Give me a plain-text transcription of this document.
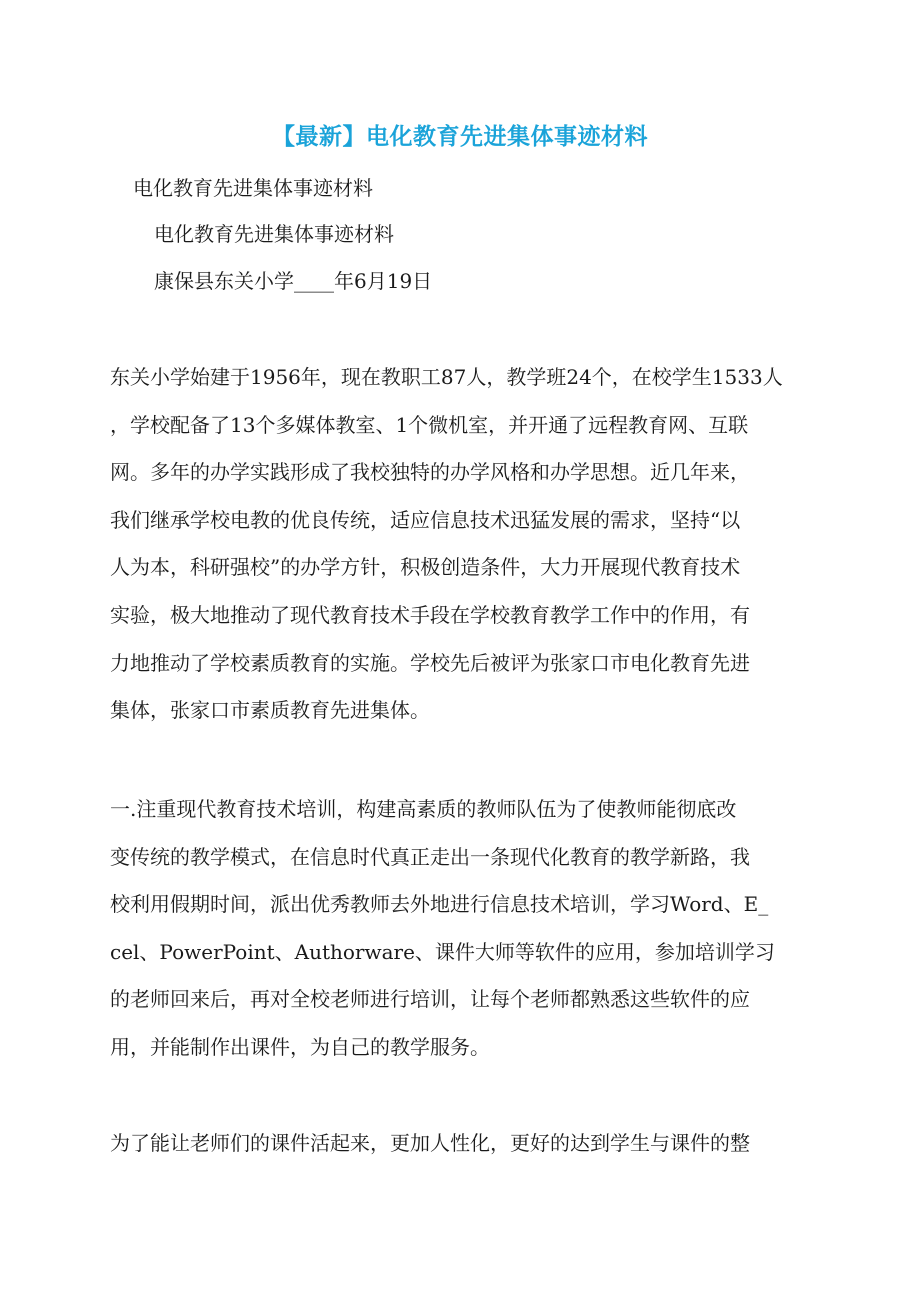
【最新】电化教育先进集体事迹材料
电化教育先进集体事迹材料
电化教育先进集体事迹材料
康保县东关小学____年6月19日
东关小学始建于1956年，现在教职工87人，教学班24个，在校学生1533人
，学校配备了13个多媒体教室、1个微机室，并开通了远程教育网、互联
网。多年的办学实践形成了我校独特的办学风格和办学思想。近几年来，
我们继承学校电教的优良传统，适应信息技术迅猛发展的需求，坚持“以
人为本，科研强校”的办学方针，积极创造条件，大力开展现代教育技术
实验，极大地推动了现代教育技术手段在学校教育教学工作中的作用，有
力地推动了学校素质教育的实施。学校先后被评为张家口市电化教育先进
集体，张家口市素质教育先进集体。
一.注重现代教育技术培训，构建高素质的教师队伍为了使教师能彻底改
变传统的教学模式，在信息时代真正走出一条现代化教育的教学新路，我
校利用假期时间，派出优秀教师去外地进行信息技术培训，学习Word、E_
cel、PowerPoint、Authorware、课件大师等软件的应用，参加培训学习
的老师回来后，再对全校老师进行培训，让每个老师都熟悉这些软件的应
用，并能制作出课件，为自己的教学服务。
为了能让老师们的课件活起来，更加人性化，更好的达到学生与课件的整
